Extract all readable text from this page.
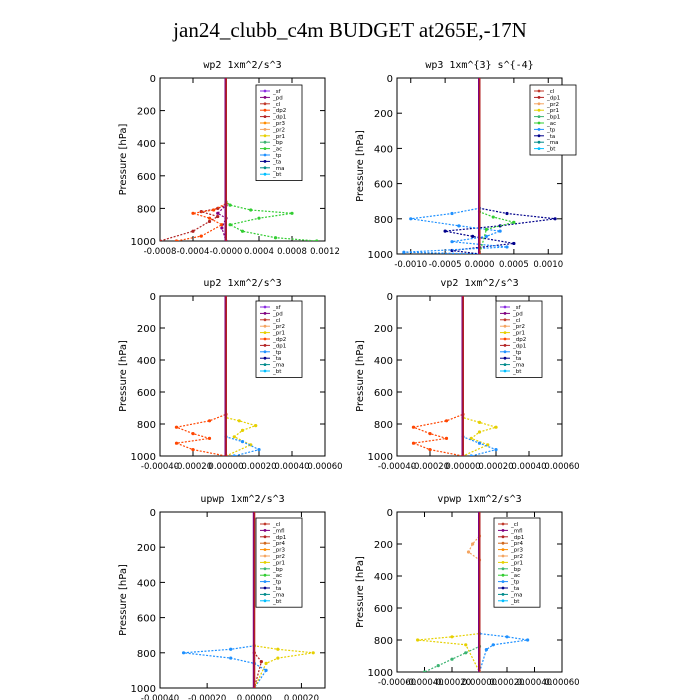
jan24_clubb_c4m BUDGET at265E,-17N
wp2 1xm^2/s^3
Pressure [hPa]
0
200
400
600
800
1000
-0.0008 -0.0004 -0.0000 0.0004 0.0008 0.0012
_sf
_pd
_cl
_dp2
_dp1
_pr3
_pr2
_pr1
_bp
_ac
_tp
_ta
_ma
_bt
wp3 1xm^{3} s^{-4}
Pressure [hPa]
0
200
400
600
800
1000
-0.0010 -0.0005 0.0000 0.0005 0.0010
_cl
_dp1
_pr2
_pr1
_bp1
_ac
_tp
_ta
_ma
_bt
up2 1xm^2/s^3
Pressure [hPa]
0
200
400
600
800
1000
-0.00040
-0.00020
0.00000
0.00020
0.00040
0.00060
_sf
_pd
_cl
_pr2
_pr1
_dp2
_dp1
_tp
_ta
_ma
_bt
vp2 1xm^2/s^3
Pressure [hPa]
0
200
400
600
800
1000
-0.00040
-0.00020
0.00000
0.00020
0.00040
0.00060
_sf
_pd
_cl
_pr2
_pr1
_dp2
_dp1
_tp
_ta
_ma
_bt
upwp 1xm^2/s^3
Pressure [hPa]
0
200
400
600
800
1000
-0.00040 -0.00020 0.00000 0.00020
_cl
_mfl
_dp1
_pr4
_pr3
_pr2
_pr1
_bp
_ac
_tp
_ta
_ma
_bt
vpwp 1xm^2/s^3
Pressure [hPa]
0
200
400
600
800
1000
-0.00060
-0.00040
-0.00020
0.00000
0.00020
0.00040
0.00060
_cl
_mfl
_dp1
_pr4
_pr3
_pr2
_pr1
_bp
_ac
_tp
_ta
_ma
_bt
